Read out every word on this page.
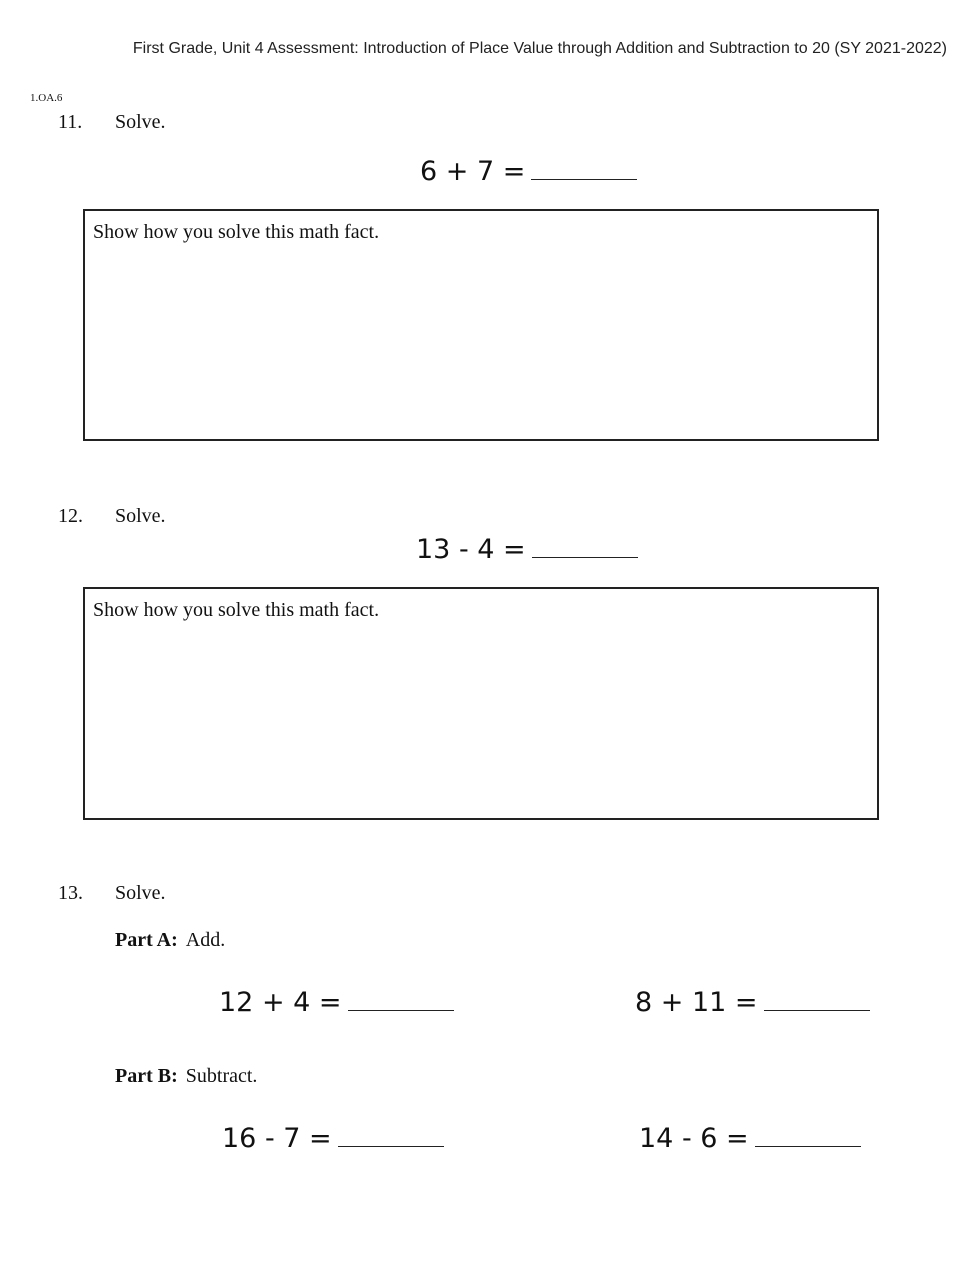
First Grade, Unit 4 Assessment: Introduction of Place Value through Addition and Subtraction to 20 (SY 2021-2022)
1.OA.6
11. Solve.
6 + 7 =
Show how you solve this math fact.
12. Solve.
13 - 4 =
Show how you solve this math fact.
13. Solve.
Part A: Add.
12 + 4 =	8 + 11 =
Part B: Subtract.
16 - 7 =	14 - 6 =
